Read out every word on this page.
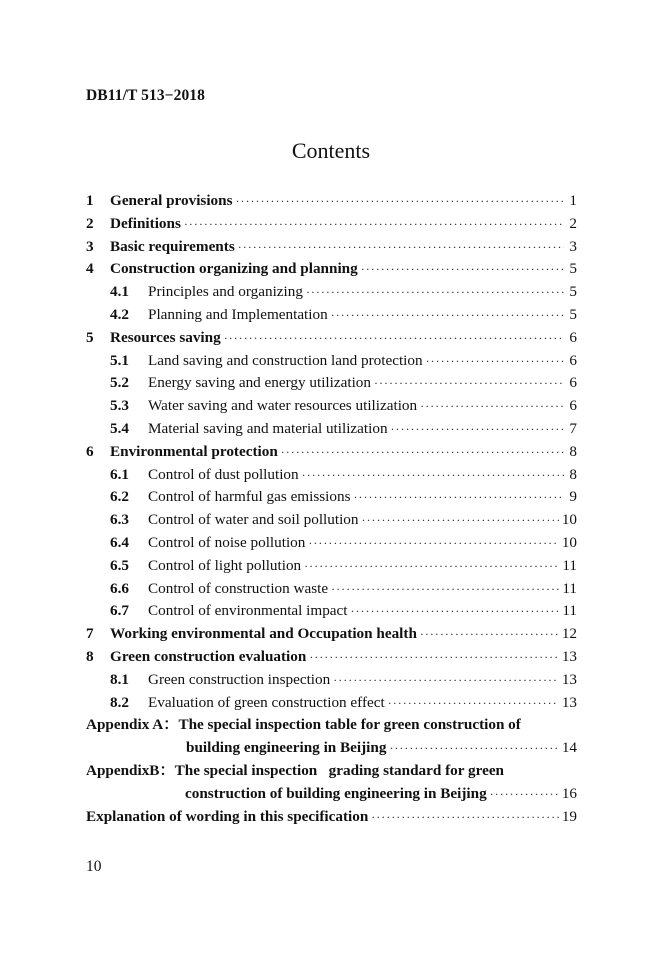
DB11/T 513−2018
Contents
1	General provisions ·····	1
2	Definitions ·····	2
3	Basic requirements ·····	3
4	Construction organizing and planning ·····	5
4.1	Principles and organizing ·····	5
4.2	Planning and Implementation ·····	5
5	Resources saving ·····	6
5.1	Land saving and construction land protection ·····	6
5.2	Energy saving and energy utilization ·····	6
5.3	Water saving and water resources utilization ·····	6
5.4	Material saving and material utilization ·····	7
6	Environmental protection ·····	8
6.1	Control of dust pollution ·····	8
6.2	Control of harmful gas emissions ·····	9
6.3	Control of water and soil pollution ·····	10
6.4	Control of noise pollution ·····	10
6.5	Control of light pollution ·····	11
6.6	Control of construction waste ·····	11
6.7	Control of environmental impact ·····	11
7	Working environmental and Occupation health ·····	12
8	Green construction evaluation ·····	13
8.1	Green construction inspection ·····	13
8.2	Evaluation of green construction effect ·····	13
Appendix A： The special inspection table for green construction of
building engineering in Beijing ·····	14
AppendixB： The special inspection   grading standard for green
construction of building engineering in Beijing ·····	16
Explanation of wording in this specification ·····	19
10
